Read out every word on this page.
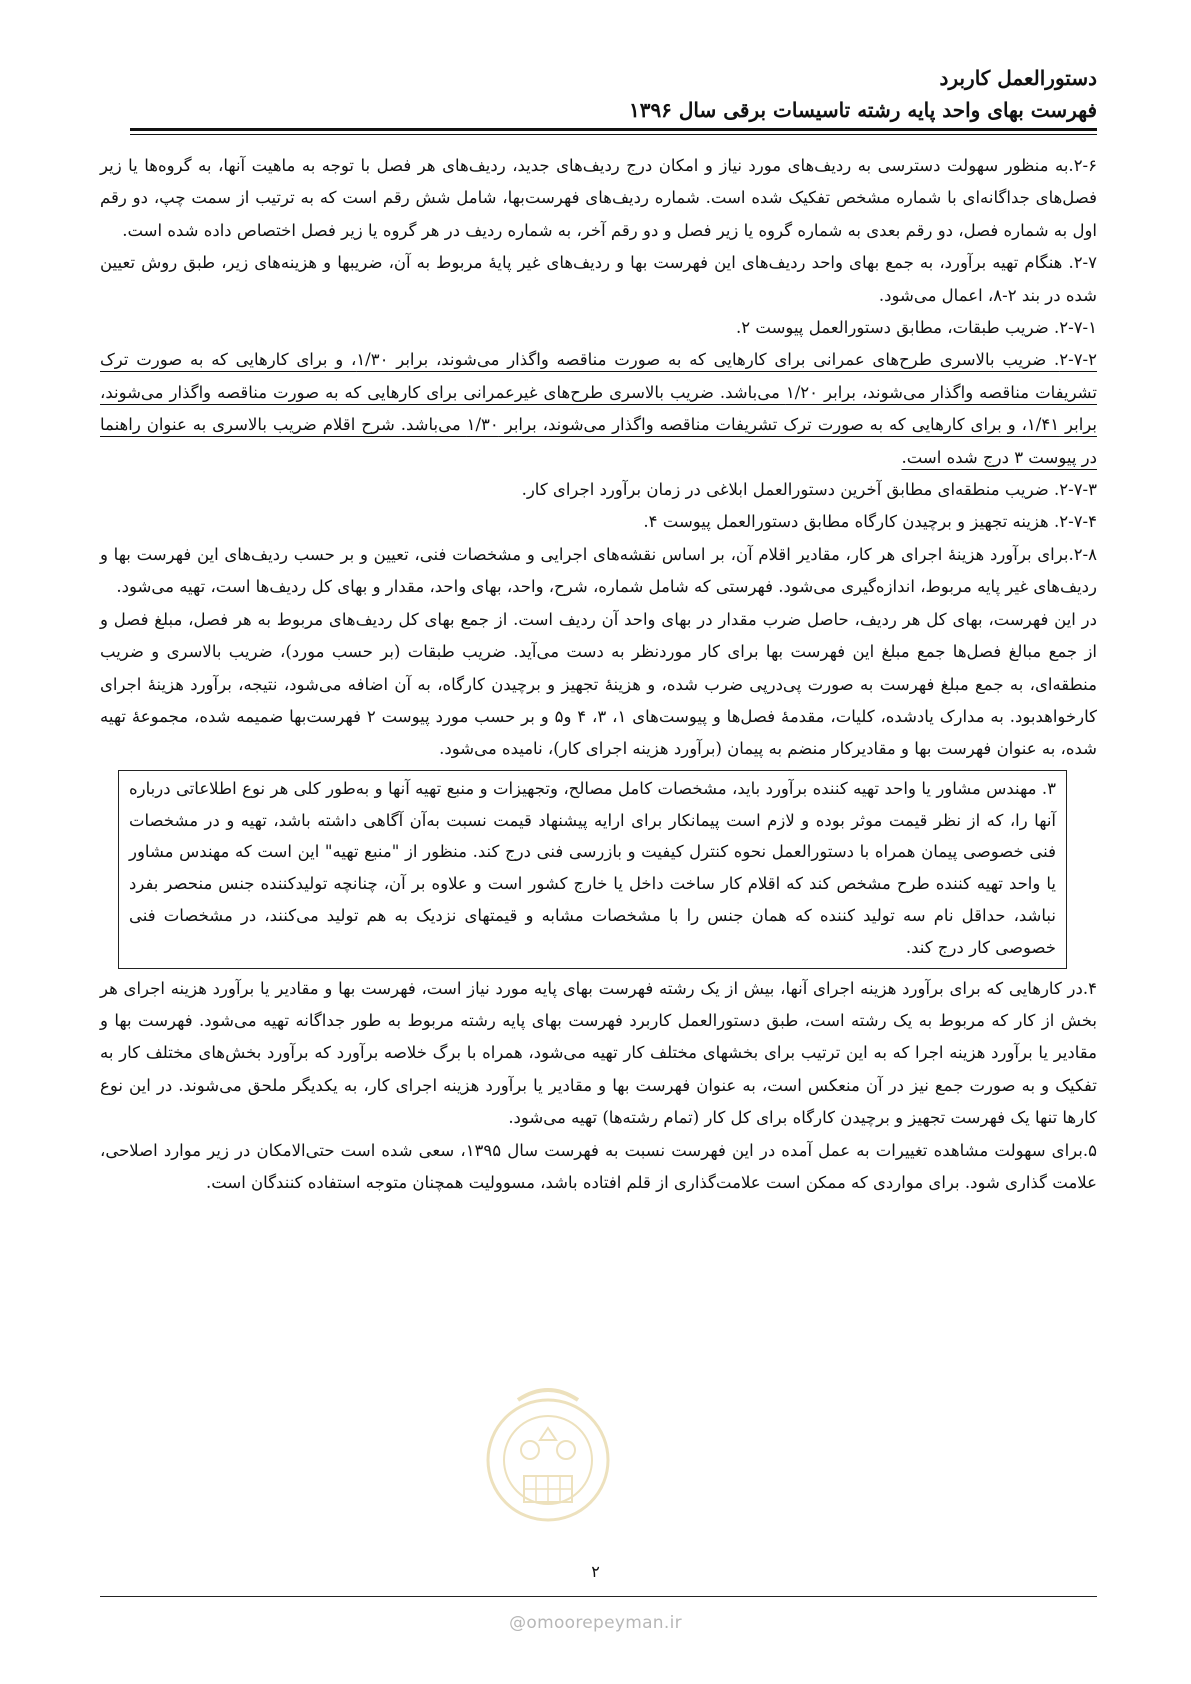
دستورالعمل کاربرد
فهرست بهای واحد پایه رشته تاسیسات برقی سال ۱۳۹۶

۲-۶.به منظور سهولت دسترسی به ردیف‌های مورد نیاز و امکان درج ردیف‌های جدید، ردیف‌های هر فصل با توجه به ماهیت آنها، به گروه‌ها یا زیر فصل‌های جداگانه‌ای با شماره مشخص تفکیک شده است. شماره ردیف‌های فهرست‌بها، شامل شش رقم است که به ترتیب از سمت چپ، دو رقم اول به شماره فصل، دو رقم بعدی به شماره گروه یا زیر فصل و دو رقم آخر، به شماره ردیف در هر گروه یا زیر فصل اختصاص داده شده است.

۲-۷. هنگام تهیه برآورد، به جمع بهای واحد ردیف‌های این فهرست بها و ردیف‌های غیر پایهٔ مربوط به آن، ضریبها و هزینه‌های زیر، طبق روش تعیین شده در بند ۲-۸، اعمال می‌شود.

۲-۷-۱. ضریب طبقات، مطابق دستورالعمل پیوست ۲.

۲-۷-۲. ضریب بالاسری طرح‌های عمرانی برای کارهایی که به صورت مناقصه واگذار می‌شوند، برابر ۱/۳۰، و برای کارهایی که به صورت ترک تشریفات مناقصه واگذار می‌شوند، برابر ۱/۲۰ می‌باشد. ضریب بالاسری طرح‌های غیرعمرانی برای کارهایی که به صورت مناقصه واگذار می‌شوند، برابر ۱/۴۱، و برای کارهایی که به صورت ترک تشریفات مناقصه واگذار می‌شوند، برابر ۱/۳۰ می‌باشد. شرح اقلام ضریب بالاسری به عنوان راهنما در پیوست ۳ درج شده است.

۲-۷-۳. ضریب منطقه‌ای مطابق آخرین دستورالعمل ابلاغی در زمان برآورد اجرای کار.

۲-۷-۴. هزینه تجهیز و برچیدن کارگاه مطابق دستورالعمل پیوست ۴.

۲-۸.برای برآورد هزینهٔ اجرای هر کار، مقادیر اقلام آن، بر اساس نقشه‌های اجرایی و مشخصات فنی، تعیین و بر حسب ردیف‌های این فهرست بها و ردیف‌های غیر پایه مربوط، اندازه‌گیری می‌شود. فهرستی که شامل شماره، شرح، واحد، بهای واحد، مقدار و بهای کل ردیف‌ها است، تهیه می‌شود.

در این فهرست، بهای کل هر ردیف، حاصل ضرب مقدار در بهای واحد آن ردیف است. از جمع بهای کل ردیف‌های مربوط به هر فصل، مبلغ فصل و از جمع مبالغ فصل‌ها جمع مبلغ این فهرست بها برای کار موردنظر به دست می‌آید. ضریب طبقات (بر حسب مورد)، ضریب بالاسری و ضریب منطقه‌ای، به جمع مبلغ فهرست به صورت پی‌درپی ضرب شده، و هزینهٔ تجهیز و برچیدن کارگاه، به آن اضافه می‌شود، نتیجه، برآورد هزینهٔ اجرای کارخواهدبود. به مدارک یادشده، کلیات، مقدمهٔ فصل‌ها و پیوست‌های ۱، ۳، ۴ و۵ و بر حسب مورد پیوست ۲ فهرست‌بها ضمیمه شده، مجموعهٔ تهیه شده، به عنوان فهرست بها و مقادیرکار منضم به پیمان (برآورد هزینه اجرای کار)، نامیده می‌شود.

۳. مهندس مشاور یا واحد تهیه کننده برآورد باید، مشخصات کامل مصالح، وتجهیزات و منبع تهیه آنها و به‌طور کلی هر نوع اطلاعاتی درباره آنها را، که از نظر قیمت موثر بوده و لازم است پیمانکار برای ارایه پیشنهاد قیمت نسبت به‌آن آگاهی داشته باشد، تهیه و در مشخصات فنی خصوصی پیمان همراه با دستورالعمل نحوه کنترل کیفیت و بازرسی فنی درج کند. منظور از "منبع تهیه" این است که مهندس مشاور یا واحد تهیه کننده طرح مشخص کند که اقلام کار ساخت داخل یا خارج کشور است و علاوه بر آن، چنانچه تولیدکننده جنس منحصر بفرد نباشد، حداقل نام سه تولید کننده که همان جنس را با مشخصات مشابه و قیمتهای نزدیک به هم تولید می‌کنند، در مشخصات فنی خصوصی کار درج کند.

۴.در کارهایی که برای برآورد هزینه اجرای آنها، بیش از یک رشته فهرست بهای پایه مورد نیاز است، فهرست بها و مقادیر یا برآورد هزینه اجرای هر بخش از کار که مربوط به یک رشته است، طبق دستورالعمل کاربرد فهرست بهای پایه رشته مربوط به طور جداگانه تهیه می‌شود. فهرست بها و مقادیر یا برآورد هزینه اجرا که به این ترتیب برای بخشهای مختلف کار تهیه می‌شود، همراه با برگ خلاصه برآورد که برآورد بخش‌های مختلف کار به تفکیک و به صورت جمع نیز در آن منعکس است، به عنوان فهرست بها و مقادیر یا برآورد هزینه اجرای کار، به یکدیگر ملحق می‌شوند. در این نوع کارها تنها یک فهرست تجهیز و برچیدن کارگاه برای کل کار (تمام رشته‌ها) تهیه می‌شود.

۵.برای سهولت مشاهده تغییرات به عمل آمده در این فهرست نسبت به فهرست سال ۱۳۹۵، سعی شده است حتی‌الامکان در زیر موارد اصلاحی، علامت گذاری شود. برای مواردی که ممکن است علامت‌گذاری از قلم افتاده باشد، مسوولیت همچنان متوجه استفاده کنندگان است.

۲
@omoorepeyman.ir
